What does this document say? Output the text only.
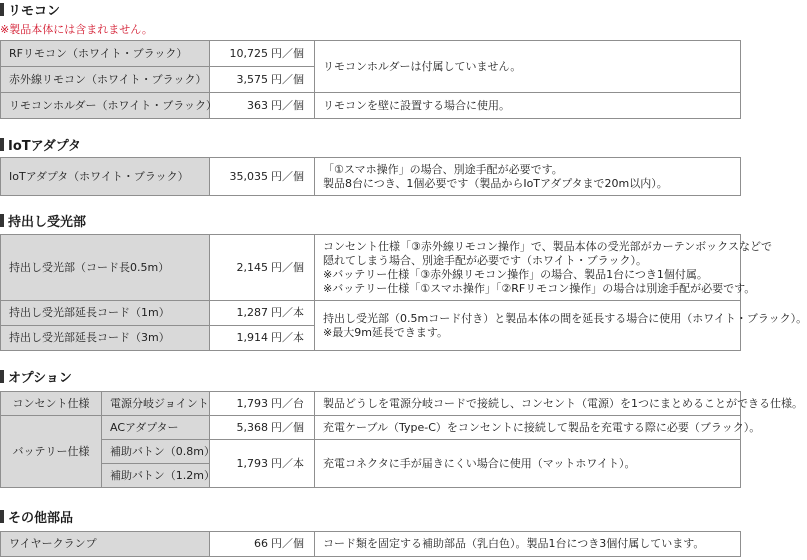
リモコン
※製品本体には含まれません。
RFリモコン（ホワイト・ブラック）	10,725 円／個	リモコンホルダーは付属していません。

赤外線リモコン（ホワイト・ブラック）	3,575 円／個	
リモコンホルダー（ホワイト・ブラック）	363 円／個	リモコンを壁に設置する場合に使用。
IoTアダプタ
IoTアダプタ（ホワイト・ブラック）	35,035 円／個	
「①スマホ操作」の場合、別途手配が必要です。
製品8台につき、1個必要です（製品からIoTアダプタまで20m以内）。
持出し受光部
持出し受光部（コード長0.5m）	2,145 円／個	コンセント仕様「③赤外線リモコン操作」で、製品本体の受光部がカーテンボックスなどで
隠れてしまう場合、別途手配が必要です（ホワイト・ブラック）。
※バッテリー仕様「③赤外線リモコン操作」の場合、製品1台につき1個付属。
※バッテリー仕様「①スマホ操作」「②RFリモコン操作」の場合は別途手配が必要です。

持出し受光部延長コード（1m）	1,287 円／本	持出し受光部（0.5mコード付き）と製品本体の間を延長する場合に使用（ホワイト・ブラック）。
※最大9m延長できます。

持出し受光部延長コード（3m）	1,914 円／本	
オプション
コンセント仕様	電源分岐ジョイント	1,793 円／台	製品どうしを電源分岐コードで接続し、コンセント（電源）を1つにまとめることができる仕様。

バッテリー仕様	ACアダプター	5,368 円／個	充電ケーブル（Type-C）をコンセントに接続して製品を充電する際に必要（ブラック）。

	補助バトン（0.8m）	1,793 円／本	充電コネクタに手が届きにくい場合に使用（マットホワイト）。

	補助バトン（1.2m）		
その他部品
ワイヤークランプ	66 円／個	コード類を固定する補助部品（乳白色）。製品1台につき3個付属しています。
